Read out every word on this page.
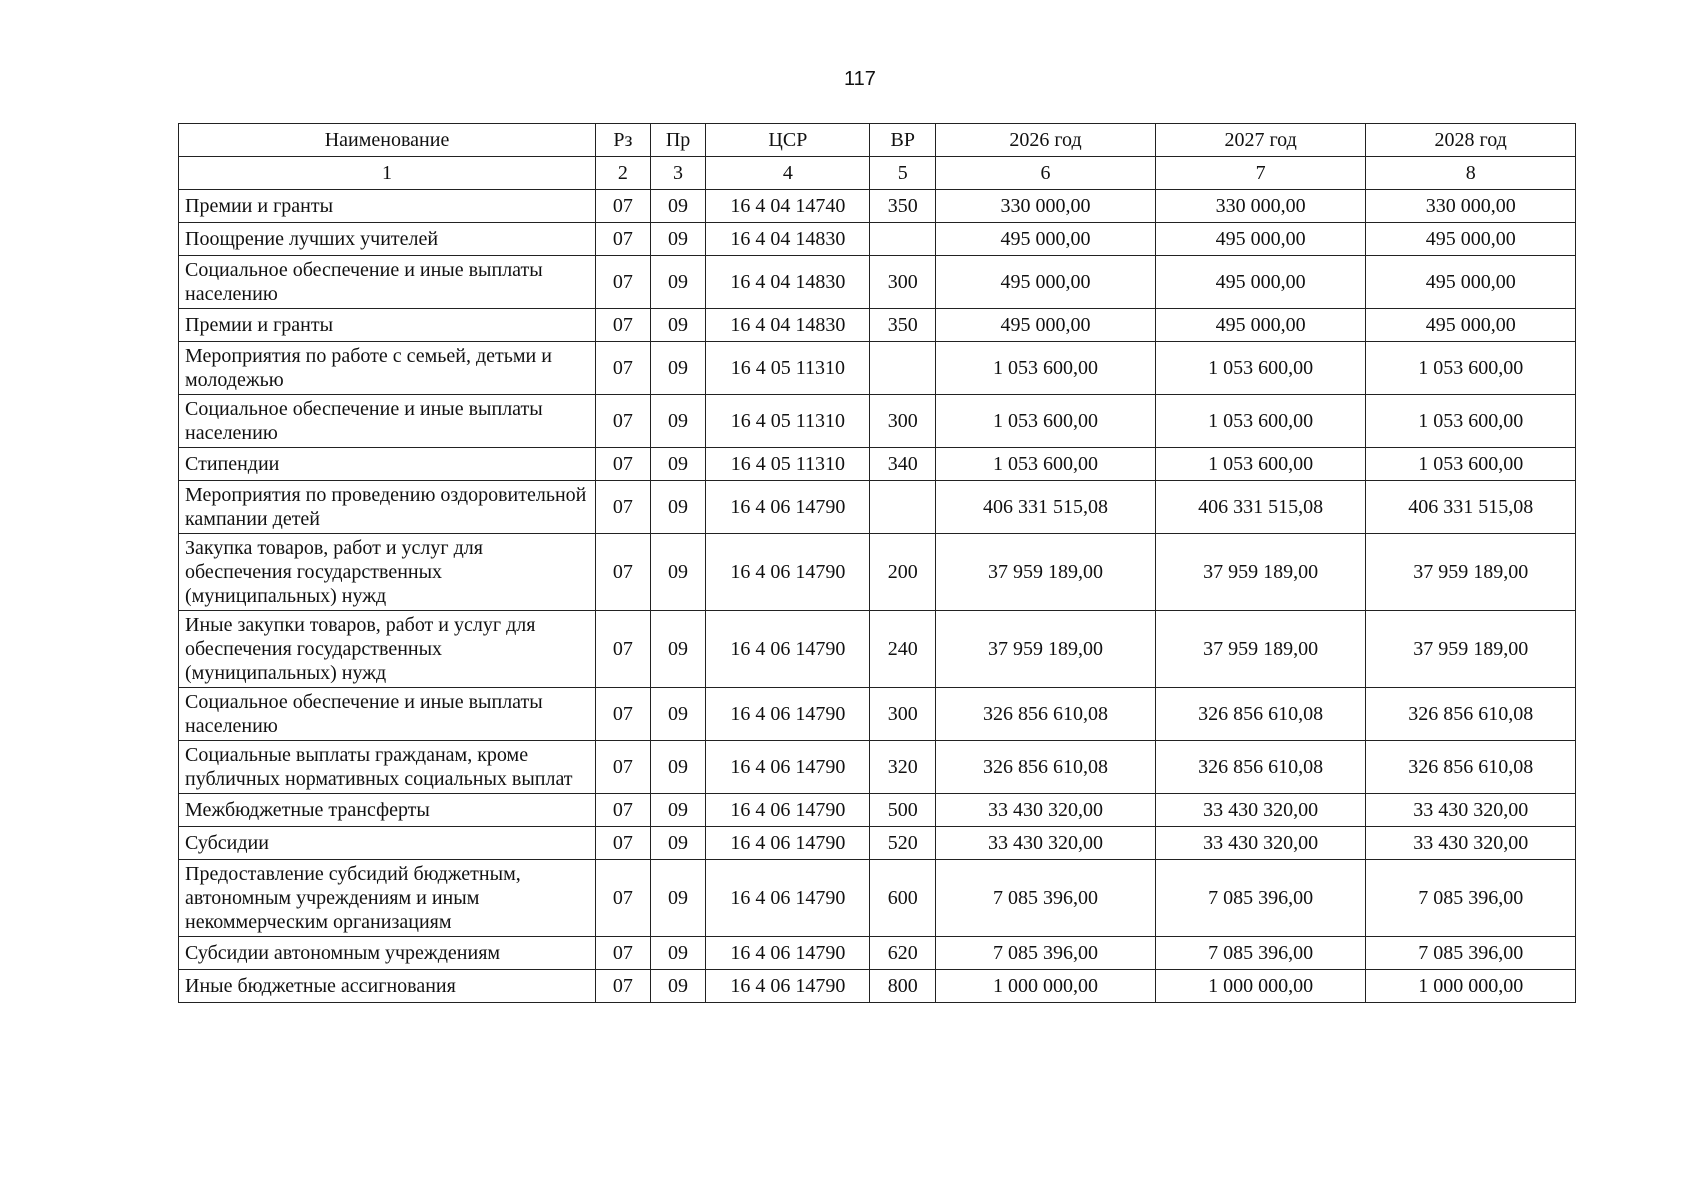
117
Наименование	Рз	Пр	ЦСР	ВР	2026 год	2027 год	2028 год
1	2	3	4	5	6	7	8
Премии и гранты	07	09	16 4 04 14740	350	330 000,00	330 000,00	330 000,00
Поощрение лучших учителей	07	09	16 4 04 14830		495 000,00	495 000,00	495 000,00
Социальное обеспечение и иные выплаты населению	07	09	16 4 04 14830	300	495 000,00	495 000,00	495 000,00
Премии и гранты	07	09	16 4 04 14830	350	495 000,00	495 000,00	495 000,00
Мероприятия по работе с семьей, детьми и молодежью	07	09	16 4 05 11310		1 053 600,00	1 053 600,00	1 053 600,00
Социальное обеспечение и иные выплаты населению	07	09	16 4 05 11310	300	1 053 600,00	1 053 600,00	1 053 600,00
Стипендии	07	09	16 4 05 11310	340	1 053 600,00	1 053 600,00	1 053 600,00
Мероприятия по проведению оздоровительной кампании детей	07	09	16 4 06 14790		406 331 515,08	406 331 515,08	406 331 515,08
Закупка товаров, работ и услуг для обеспечения государственных (муниципальных) нужд	07	09	16 4 06 14790	200	37 959 189,00	37 959 189,00	37 959 189,00
Иные закупки товаров, работ и услуг для обеспечения государственных (муниципальных) нужд	07	09	16 4 06 14790	240	37 959 189,00	37 959 189,00	37 959 189,00
Социальное обеспечение и иные выплаты населению	07	09	16 4 06 14790	300	326 856 610,08	326 856 610,08	326 856 610,08
Социальные выплаты гражданам, кроме публичных нормативных социальных выплат	07	09	16 4 06 14790	320	326 856 610,08	326 856 610,08	326 856 610,08
Межбюджетные трансферты	07	09	16 4 06 14790	500	33 430 320,00	33 430 320,00	33 430 320,00
Субсидии	07	09	16 4 06 14790	520	33 430 320,00	33 430 320,00	33 430 320,00
Предоставление субсидий бюджетным, автономным учреждениям и иным некоммерческим организациям	07	09	16 4 06 14790	600	7 085 396,00	7 085 396,00	7 085 396,00
Субсидии автономным учреждениям	07	09	16 4 06 14790	620	7 085 396,00	7 085 396,00	7 085 396,00
Иные бюджетные ассигнования	07	09	16 4 06 14790	800	1 000 000,00	1 000 000,00	1 000 000,00
